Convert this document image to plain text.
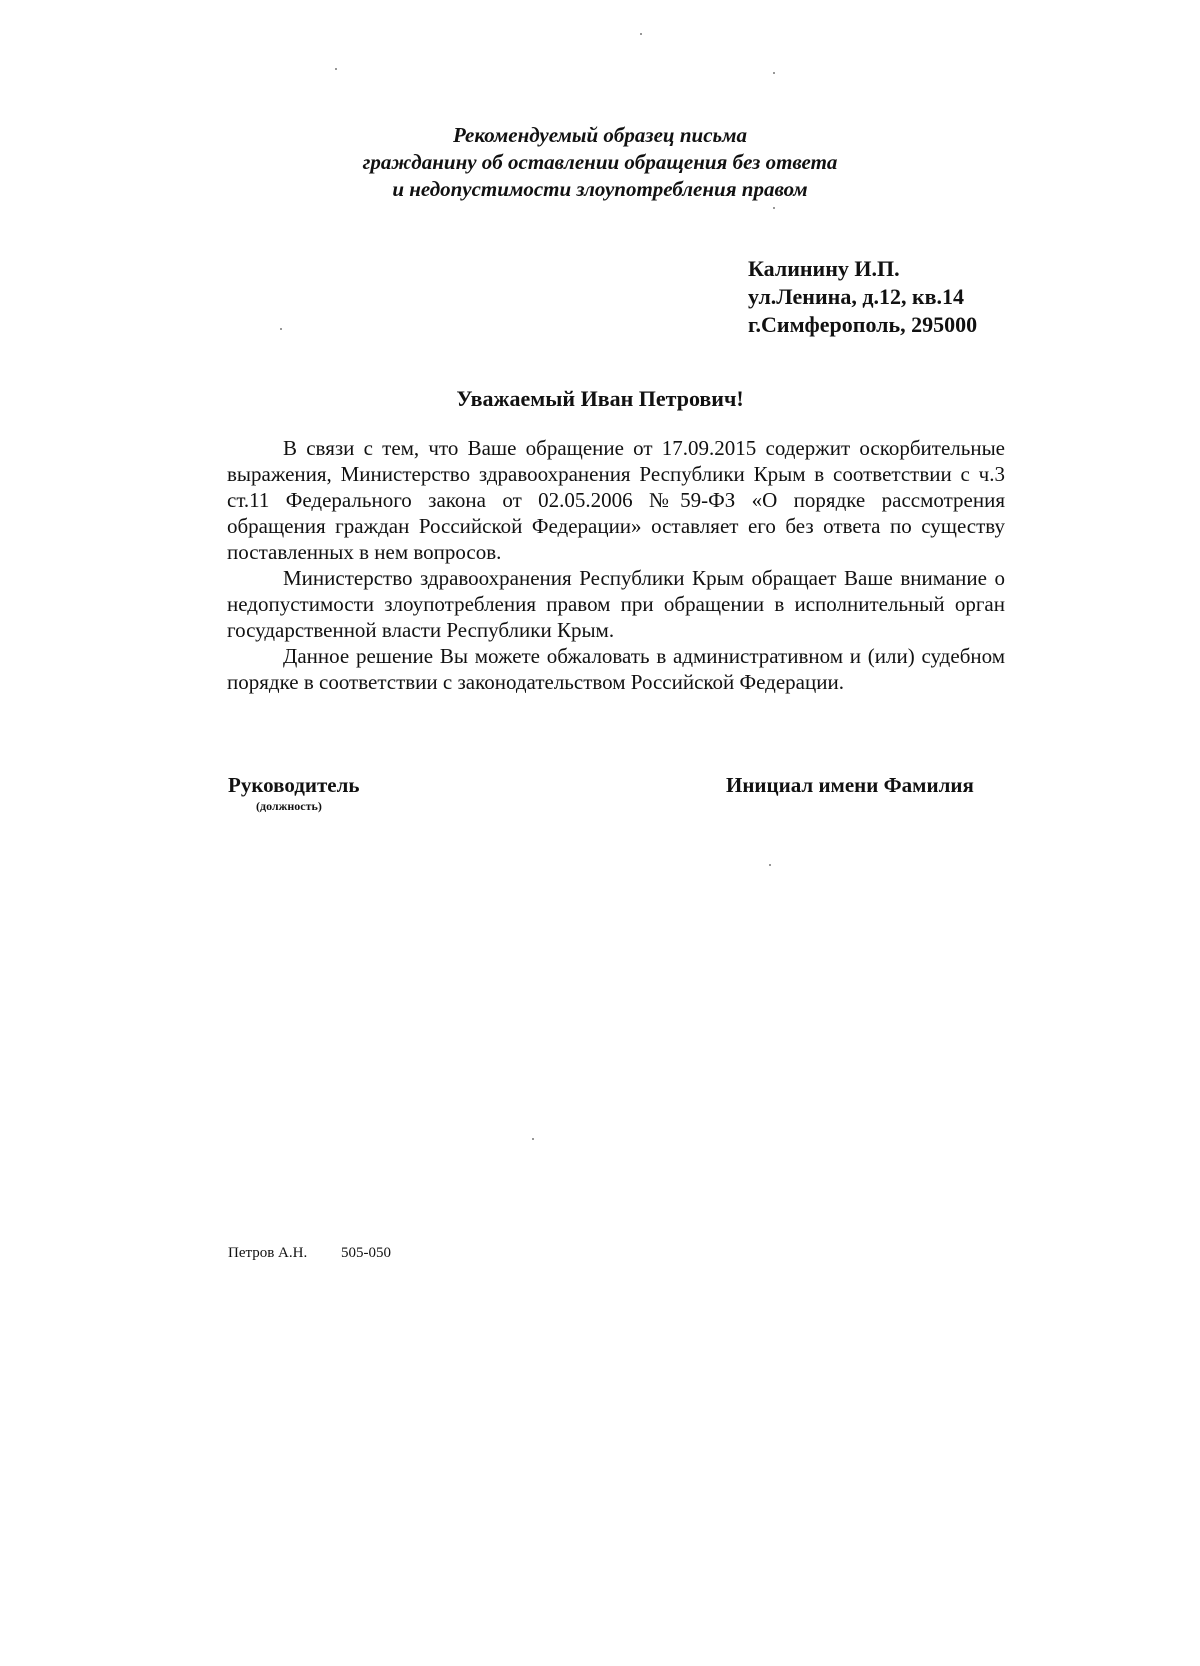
Рекомендуемый образец письма
гражданину об оставлении обращения без ответа
и недопустимости злоупотребления правом
Калинину И.П.
ул.Ленина, д.12, кв.14
г.Симферополь, 295000
Уважаемый Иван Петрович!

В связи с тем, что Ваше обращение от 17.09.2015 содержит оскорбительные выражения, Министерство здравоохранения Республики Крым в соответствии с ч.3 ст.11 Федерального закона от 02.05.2006 №59-ФЗ «О порядке рассмотрения обращения граждан Российской Федерации» оставляет его без ответа по существу поставленных в нем вопросов.

Министерство здравоохранения Республики Крым обращает Ваше внимание о недопустимости злоупотребления правом при обращении в исполнительный орган государственной власти Республики Крым.

Данное решение Вы можете обжаловать в административном и (или) судебном порядке в соответствии с законодательством Российской Федерации.

Руководитель
(должность)
Инициал имени Фамилия
Петров А.Н. 505-050
